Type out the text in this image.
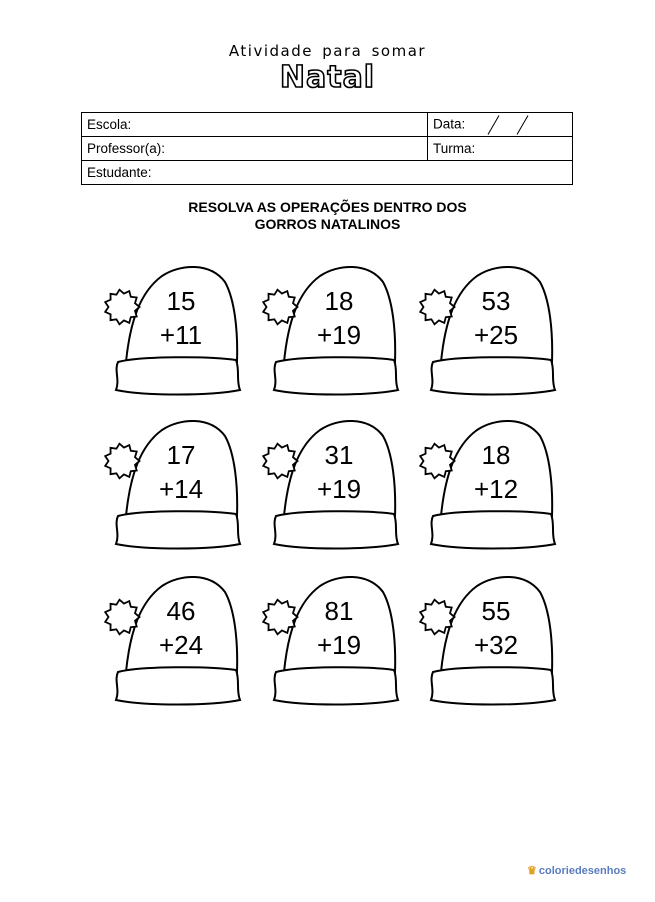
Atividade para somar
Natal
Escola:	Data:
Professor(a):	Turma:
Estudante:	
RESOLVA AS OPERAÇÕES DENTRO DOS
GORROS NATALINOS
15
+11
18
+19
53
+25
17
+14
31
+19
18
+12
46
+24
81
+19
55
+32
♛ coloriedesenhos
